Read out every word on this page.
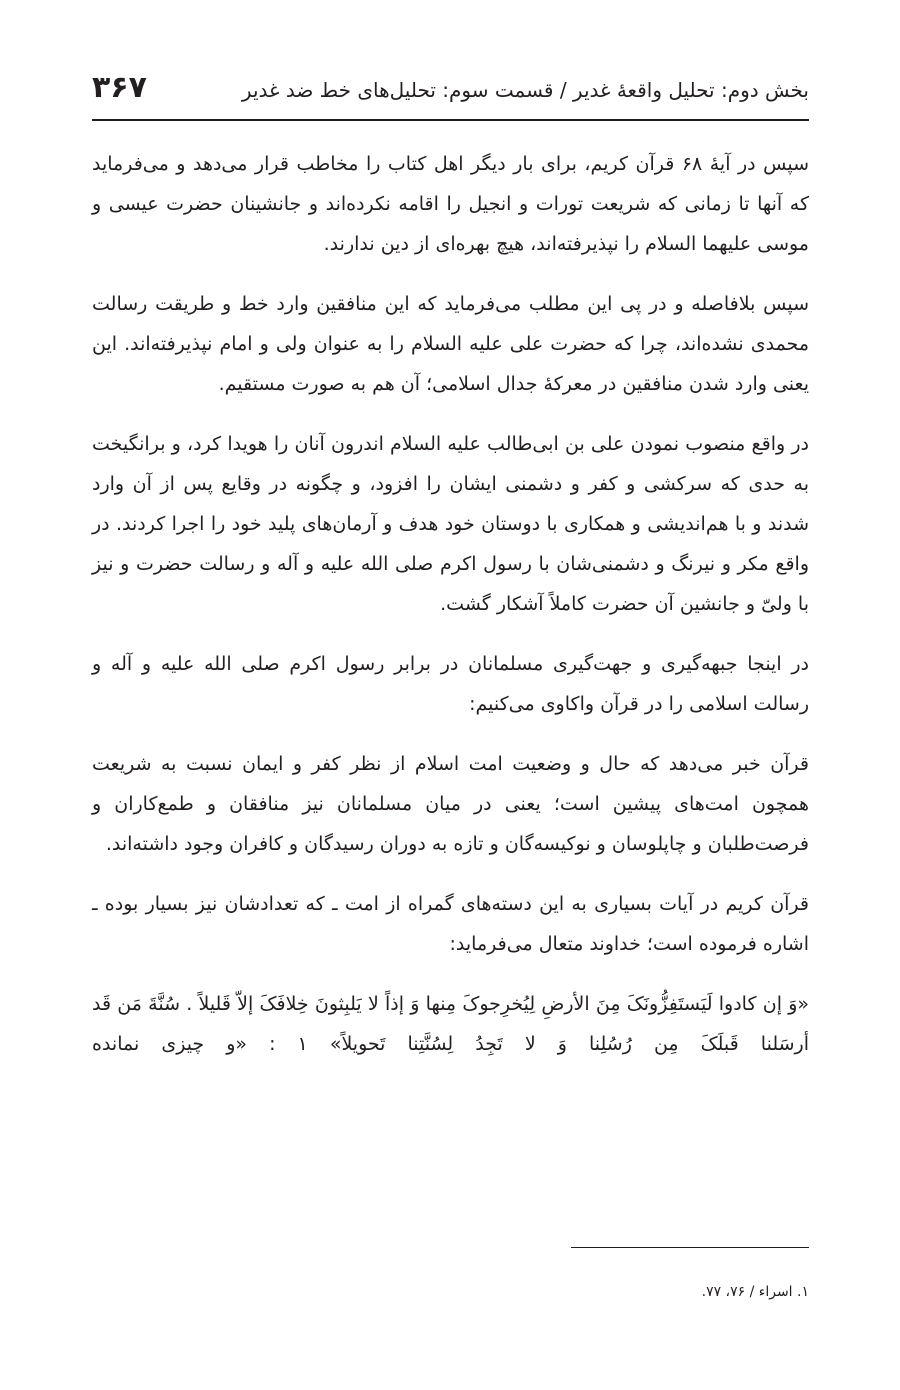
۳۶۷	بخش دوم: تحلیل واقعهٔ غدیر / قسمت سوم: تحلیل‌های خط ضد غدیر

سپس در آیهٔ ۶۸ قرآن کریم، برای بار دیگر اهل کتاب را مخاطب قرار می‌دهد و می‌فرماید که آنها تا زمانی که شریعت تورات و انجیل را اقامه نکرده‌اند و جانشینان حضرت عیسی و موسی علیهما السلام را نپذیرفته‌اند، هیچ بهره‌ای از دین ندارند.

سپس بلافاصله و در پی این مطلب می‌فرماید که این منافقین وارد خط و طریقت رسالت محمدی نشده‌اند، چرا که حضرت علی علیه السلام را به عنوان ولی و امام نپذیرفته‌اند. این یعنی وارد شدن منافقین در معرکهٔ جدال اسلامی؛ آن هم به صورت مستقیم.

در واقع منصوب نمودن علی بن ابی‌طالب علیه السلام اندرون آنان را هویدا کرد، و برانگیخت به حدی که سرکشی و کفر و دشمنی ایشان را افزود، و چگونه در وقایع پس از آن وارد شدند و با هم‌اندیشی و همکاری با دوستان خود هدف و آرمان‌های پلید خود را اجرا کردند. در واقع مکر و نیرنگ و دشمنی‌شان با رسول اکرم صلی الله علیه و آله و رسالت حضرت و نیز با ولیّ و جانشین آن حضرت کاملاً آشکار گشت.

در اینجا جبهه‌گیری و جهت‌گیری مسلمانان در برابر رسول اکرم صلی الله علیه و آله و رسالت اسلامی را در قرآن واکاوی می‌کنیم:

قرآن خبر می‌دهد که حال و وضعیت امت اسلام از نظر کفر و ایمان نسبت به شریعت همچون امت‌های پیشین است؛ یعنی در میان مسلمانان نیز منافقان و طمع‌کاران و فرصت‌طلبان و چاپلوسان و نوکیسه‌گان و تازه به دوران رسیدگان و کافران وجود داشته‌اند.

قرآن کریم در آیات بسیاری به این دسته‌های گمراه از امت ـ که تعدادشان نیز بسیار بوده ـ اشاره فرموده است؛ خداوند متعال می‌فرماید:

«وَ إن کادوا لَیَستَفِزُّونَکَ مِنَ الأرضِ لِیُخرِجوکَ مِنها وَ إذاً لا یَلبِثونَ خِلافَکَ إلاّ قَلیلاً . سُنَّةَ مَن قَد أرسَلنا قَبلَکَ مِن رُسُلِنا وَ لا تَجِدُ لِسُنَّتِنا تَحویلاً» ۱ : «و چیزی نمانده

۱. اسراء / ۷۶، ۷۷.
